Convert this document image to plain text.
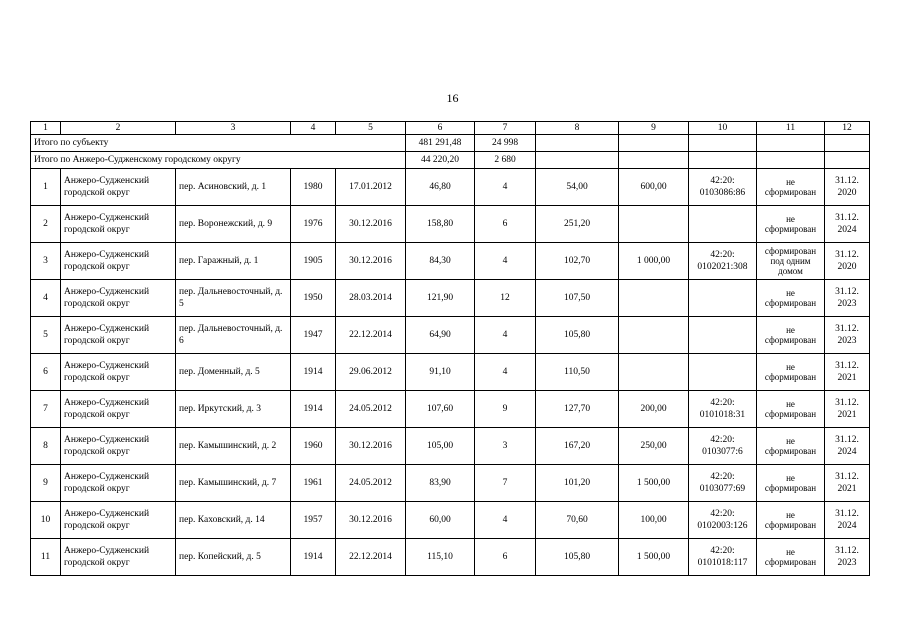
16
1	2	3	4	5	6	7	8	9	10	11	12
Итого по субъекту					481 291,48	24 998					
Итого по Анжеро-Судженскому городскому округу					44 220,20	2 680					
1	Анжеро-Судженский городской округ	пер. Асиновский, д. 1	1980	17.01.2012	46,80	4	54,00	600,00	42:20: 0103086:86	не сформирован	31.12. 2020
2	Анжеро-Судженский городской округ	пер. Воронежский, д. 9	1976	30.12.2016	158,80	6	251,20			не сформирован	31.12. 2024
3	Анжеро-Судженский городской округ	пер. Гаражный, д. 1	1905	30.12.2016	84,30	4	102,70	1 000,00	42:20: 0102021:308	сформирован под одним домом	31.12. 2020
4	Анжеро-Судженский городской округ	пер. Дальневосточный, д. 5	1950	28.03.2014	121,90	12	107,50			не сформирован	31.12. 2023
5	Анжеро-Судженский городской округ	пер. Дальневосточный, д. 6	1947	22.12.2014	64,90	4	105,80			не сформирован	31.12. 2023
6	Анжеро-Судженский городской округ	пер. Доменный, д. 5	1914	29.06.2012	91,10	4	110,50			не сформирован	31.12. 2021
7	Анжеро-Судженский городской округ	пер. Иркутский, д. 3	1914	24.05.2012	107,60	9	127,70	200,00	42:20: 0101018:31	не сформирован	31.12. 2021
8	Анжеро-Судженский городской округ	пер. Камышинский, д. 2	1960	30.12.2016	105,00	3	167,20	250,00	42:20: 0103077:6	не сформирован	31.12. 2024
9	Анжеро-Судженский городской округ	пер. Камышинский, д. 7	1961	24.05.2012	83,90	7	101,20	1 500,00	42:20: 0103077:69	не сформирован	31.12. 2021
10	Анжеро-Судженский городской округ	пер. Каховский, д. 14	1957	30.12.2016	60,00	4	70,60	100,00	42:20: 0102003:126	не сформирован	31.12. 2024
11	Анжеро-Судженский городской округ	пер. Копейский, д. 5	1914	22.12.2014	115,10	6	105,80	1 500,00	42:20: 0101018:117	не сформирован	31.12. 2023
